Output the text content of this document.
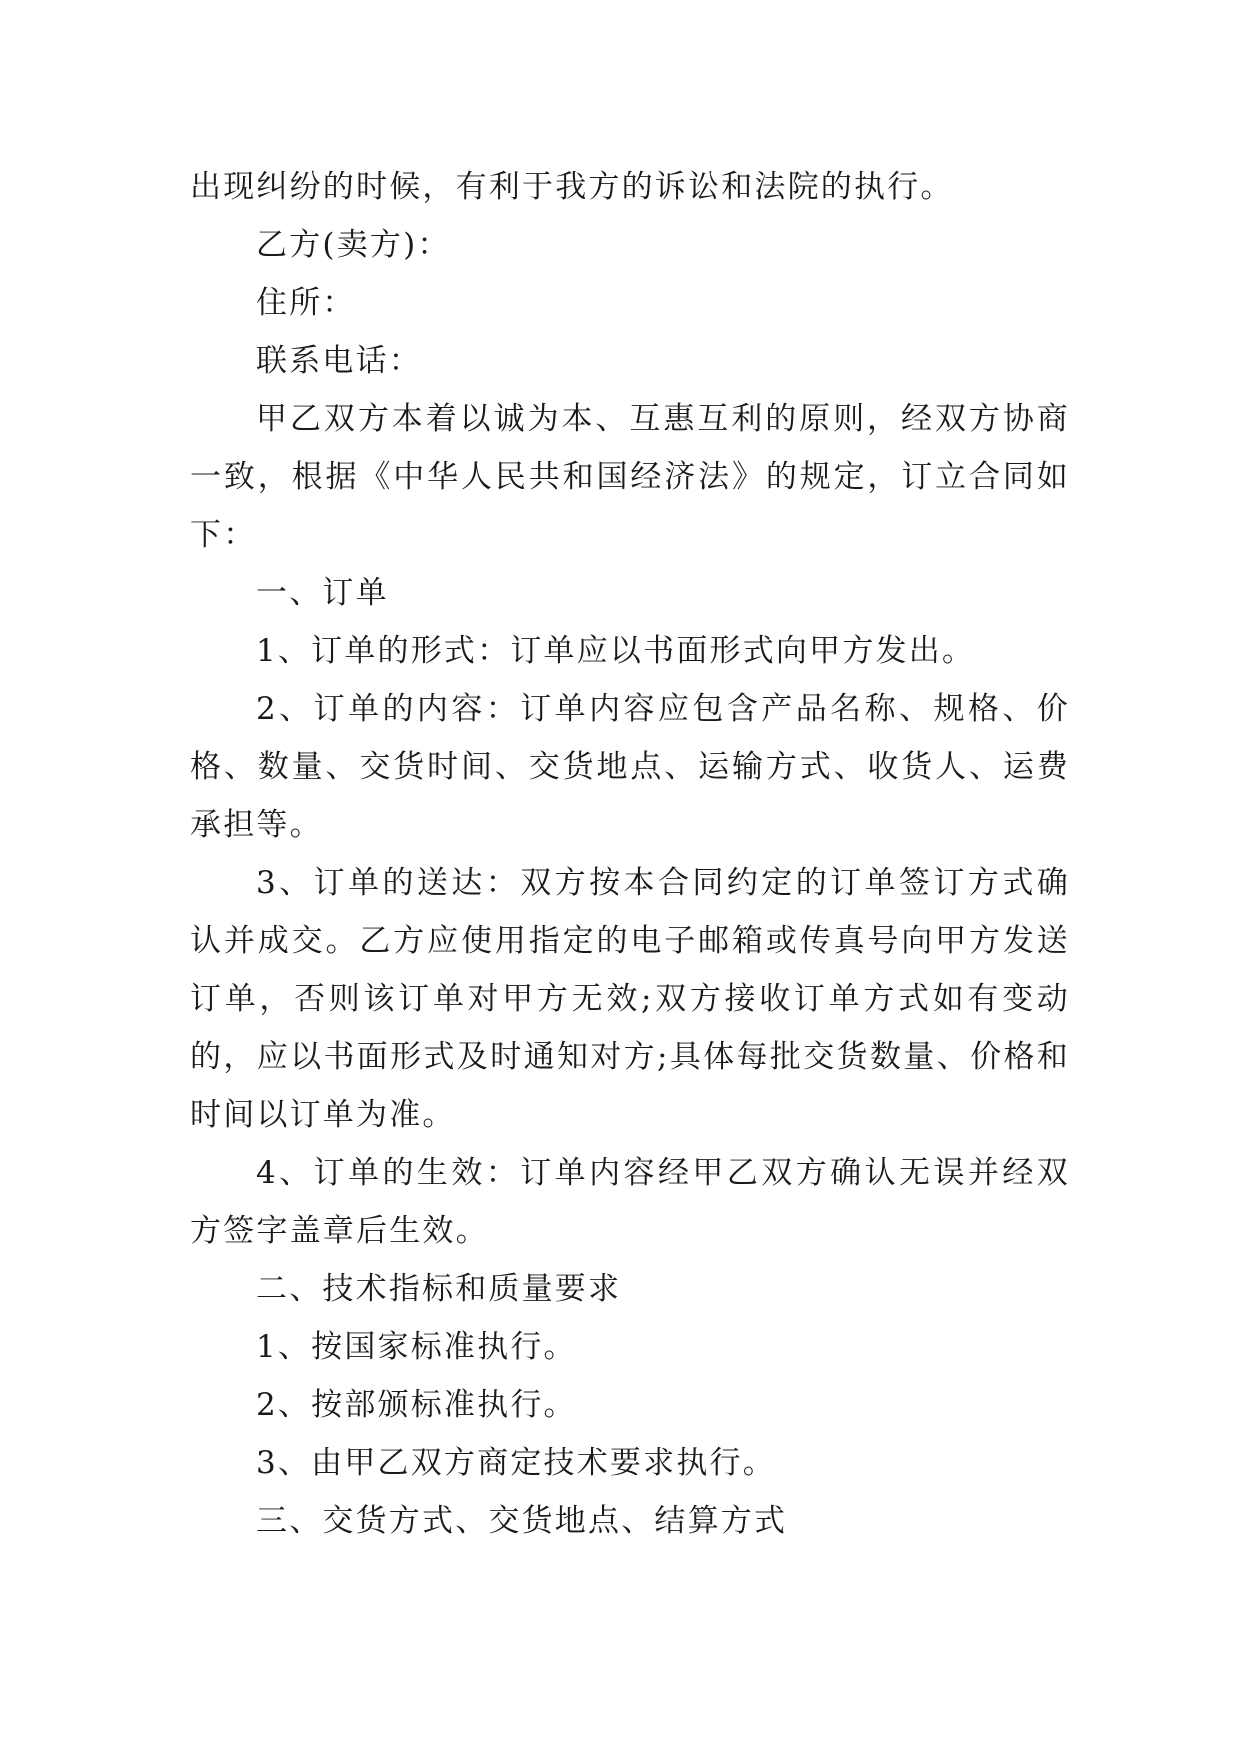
出现纠纷的时候，有利于我方的诉讼和法院的执行。

乙方(卖方)：

住所：

联系电话：

甲乙双方本着以诚为本、互惠互利的原则，经双方协商一致，根据《中华人民共和国经济法》的规定，订立合同如下：

一、订单

1、订单的形式：订单应以书面形式向甲方发出。

2、订单的内容：订单内容应包含产品名称、规格、价格、数量、交货时间、交货地点、运输方式、收货人、运费承担等。

3、订单的送达：双方按本合同约定的订单签订方式确认并成交。乙方应使用指定的电子邮箱或传真号向甲方发送订单，否则该订单对甲方无效;双方接收订单方式如有变动的，应以书面形式及时通知对方;具体每批交货数量、价格和时间以订单为准。

4、订单的生效：订单内容经甲乙双方确认无误并经双方签字盖章后生效。

二、技术指标和质量要求

1、按国家标准执行。

2、按部颁标准执行。

3、由甲乙双方商定技术要求执行。

三、交货方式、交货地点、结算方式
